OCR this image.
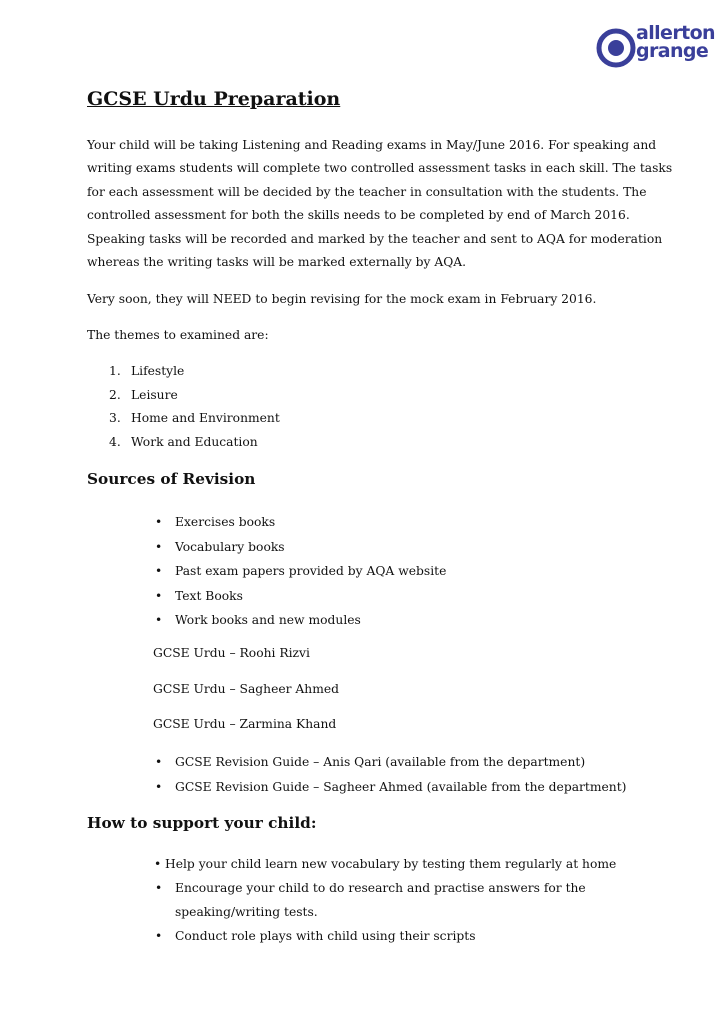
allerton
grange
GCSE Urdu Preparation

Your child will be taking Listening and Reading exams in May/June 2016. For speaking and
writing exams students will complete two controlled assessment tasks in each skill. The tasks
for each assessment will be decided by the teacher in consultation with the students. The
controlled assessment for both the skills needs to be completed by end of March 2016.
Speaking tasks will be recorded and marked by the teacher and sent to AQA for moderation
whereas the writing tasks will be marked externally by AQA.

Very soon, they will NEED to begin revising for the mock exam in February 2016.

The themes to examined are:

1. Lifestyle
2. Leisure
3. Home and Environment
4. Work and Education
Sources of Revision
• Exercises books
• Vocabulary books
• Past exam papers provided by AQA website
• Text Books
• Work books and new modules

GCSE Urdu – Roohi Rizvi

GCSE Urdu – Sagheer Ahmed

GCSE Urdu – Zarmina Khand

• GCSE Revision Guide – Anis Qari (available from the department)
• GCSE Revision Guide – Sagheer Ahmed (available from the department)
How to support your child:
• Help your child learn new vocabulary by testing them regularly at home
• Encourage your child to do research and practise answers for the
speaking/writing tests.
• Conduct role plays with child using their scripts
